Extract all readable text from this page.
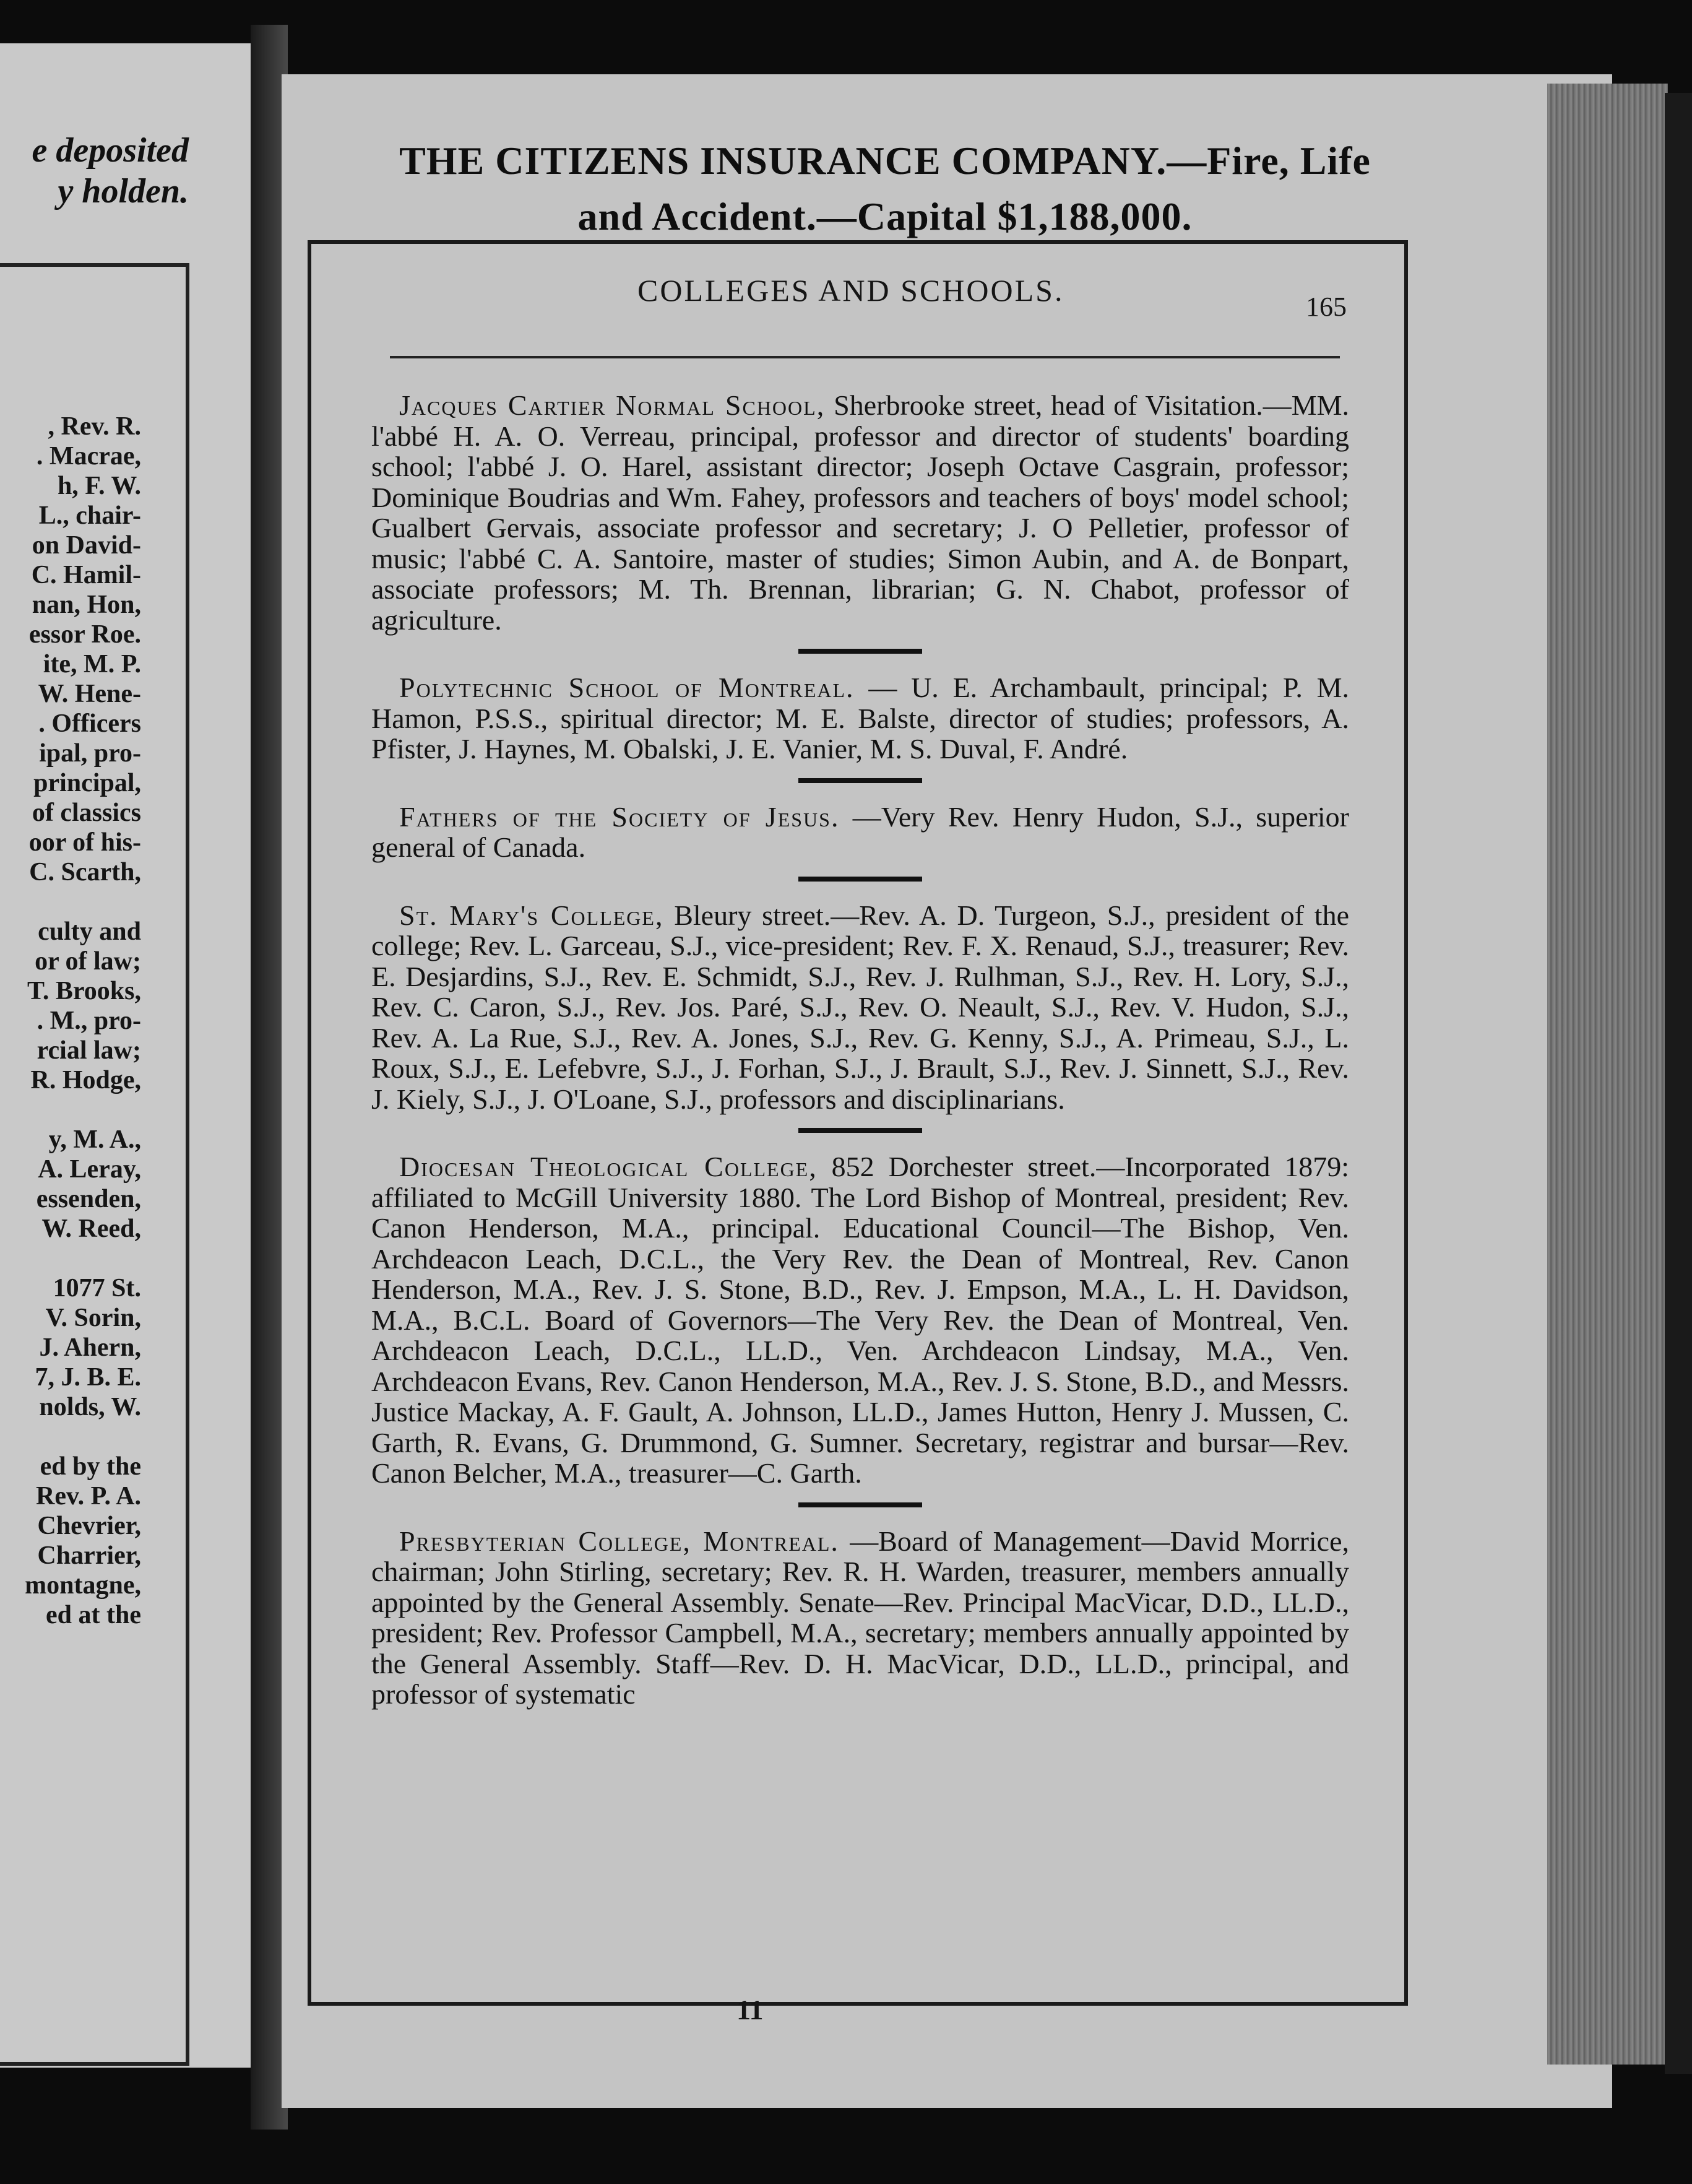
e deposited
y holden.
, Rev. R.
. Macrae,
h, F. W.
L., chair-
on David-
C. Hamil-
nan, Hon,
essor Roe.
ite, M. P.
W. Hene-
. Officers
ipal, pro-
principal,
of classics
oor of his-
C. Scarth,
culty and
or of law;
T. Brooks,
. M., pro-
rcial law;
R. Hodge,
y, M. A.,
A. Leray,
essenden,
W. Reed,
1077 St.
V. Sorin,
J. Ahern,
7, J. B. E.
nolds, W.
ed by the
Rev. P. A.
Chevrier,
Charrier,
montagne,
ed at the
THE CITIZENS INSURANCE COMPANY.—Fire, Life
and Accident.—Capital $1,188,000.
COLLEGES AND SCHOOLS.	165

Jacques Cartier Normal School, Sherbrooke street, head of Visitation.—MM. l'abbé H. A. O. Verreau, principal, professor and director of students' boarding school; l'abbé J. O. Harel, assistant director; Joseph Octave Casgrain, professor; Dominique Boudrias and Wm. Fahey, professors and teachers of boys' model school; Gualbert Gervais, associate professor and secretary; J. O Pelletier, professor of music; l'abbé C. A. Santoire, master of studies; Simon Aubin, and A. de Bonpart, associate professors; M. Th. Brennan, librarian; G. N. Chabot, professor of agriculture.

Polytechnic School of Montreal. — U. E. Archambault, principal; P. M. Hamon, P.S.S., spiritual director; M. E. Balste, director of studies; professors, A. Pfister, J. Haynes, M. Obalski, J. E. Vanier, M. S. Duval, F. André.

Fathers of the Society of Jesus. —Very Rev. Henry Hudon, S.J., superior general of Canada.

St. Mary's College, Bleury street.—Rev. A. D. Turgeon, S.J., president of the college; Rev. L. Garceau, S.J., vice-president; Rev. F. X. Renaud, S.J., treasurer; Rev. E. Desjardins, S.J., Rev. E. Schmidt, S.J., Rev. J. Rulhman, S.J., Rev. H. Lory, S.J., Rev. C. Caron, S.J., Rev. Jos. Paré, S.J., Rev. O. Neault, S.J., Rev. V. Hudon, S.J., Rev. A. La Rue, S.J., Rev. A. Jones, S.J., Rev. G. Kenny, S.J., A. Primeau, S.J., L. Roux, S.J., E. Lefebvre, S.J., J. Forhan, S.J., J. Brault, S.J., Rev. J. Sinnett, S.J., Rev. J. Kiely, S.J., J. O'Loane, S.J., professors and disciplinarians.

Diocesan Theological College, 852 Dorchester street.—Incorporated 1879: affiliated to McGill University 1880. The Lord Bishop of Montreal, president; Rev. Canon Henderson, M.A., principal. Educational Council—The Bishop, Ven. Archdeacon Leach, D.C.L., the Very Rev. the Dean of Montreal, Rev. Canon Henderson, M.A., Rev. J. S. Stone, B.D., Rev. J. Empson, M.A., L. H. Davidson, M.A., B.C.L. Board of Governors—The Very Rev. the Dean of Montreal, Ven. Archdeacon Leach, D.C.L., LL.D., Ven. Archdeacon Lindsay, M.A., Ven. Archdeacon Evans, Rev. Canon Henderson, M.A., Rev. J. S. Stone, B.D., and Messrs. Justice Mackay, A. F. Gault, A. Johnson, LL.D., James Hutton, Henry J. Mussen, C. Garth, R. Evans, G. Drummond, G. Sumner. Secretary, registrar and bursar—Rev. Canon Belcher, M.A., treasurer—C. Garth.

Presbyterian College, Montreal. —Board of Management—David Morrice, chairman; John Stirling, secretary; Rev. R. H. Warden, treasurer, members annually appointed by the General Assembly. Senate—Rev. Principal MacVicar, D.D., LL.D., president; Rev. Professor Campbell, M.A., secretary; members annually appointed by the General Assembly. Staff—Rev. D. H. MacVicar, D.D., LL.D., principal, and professor of systematic

11
